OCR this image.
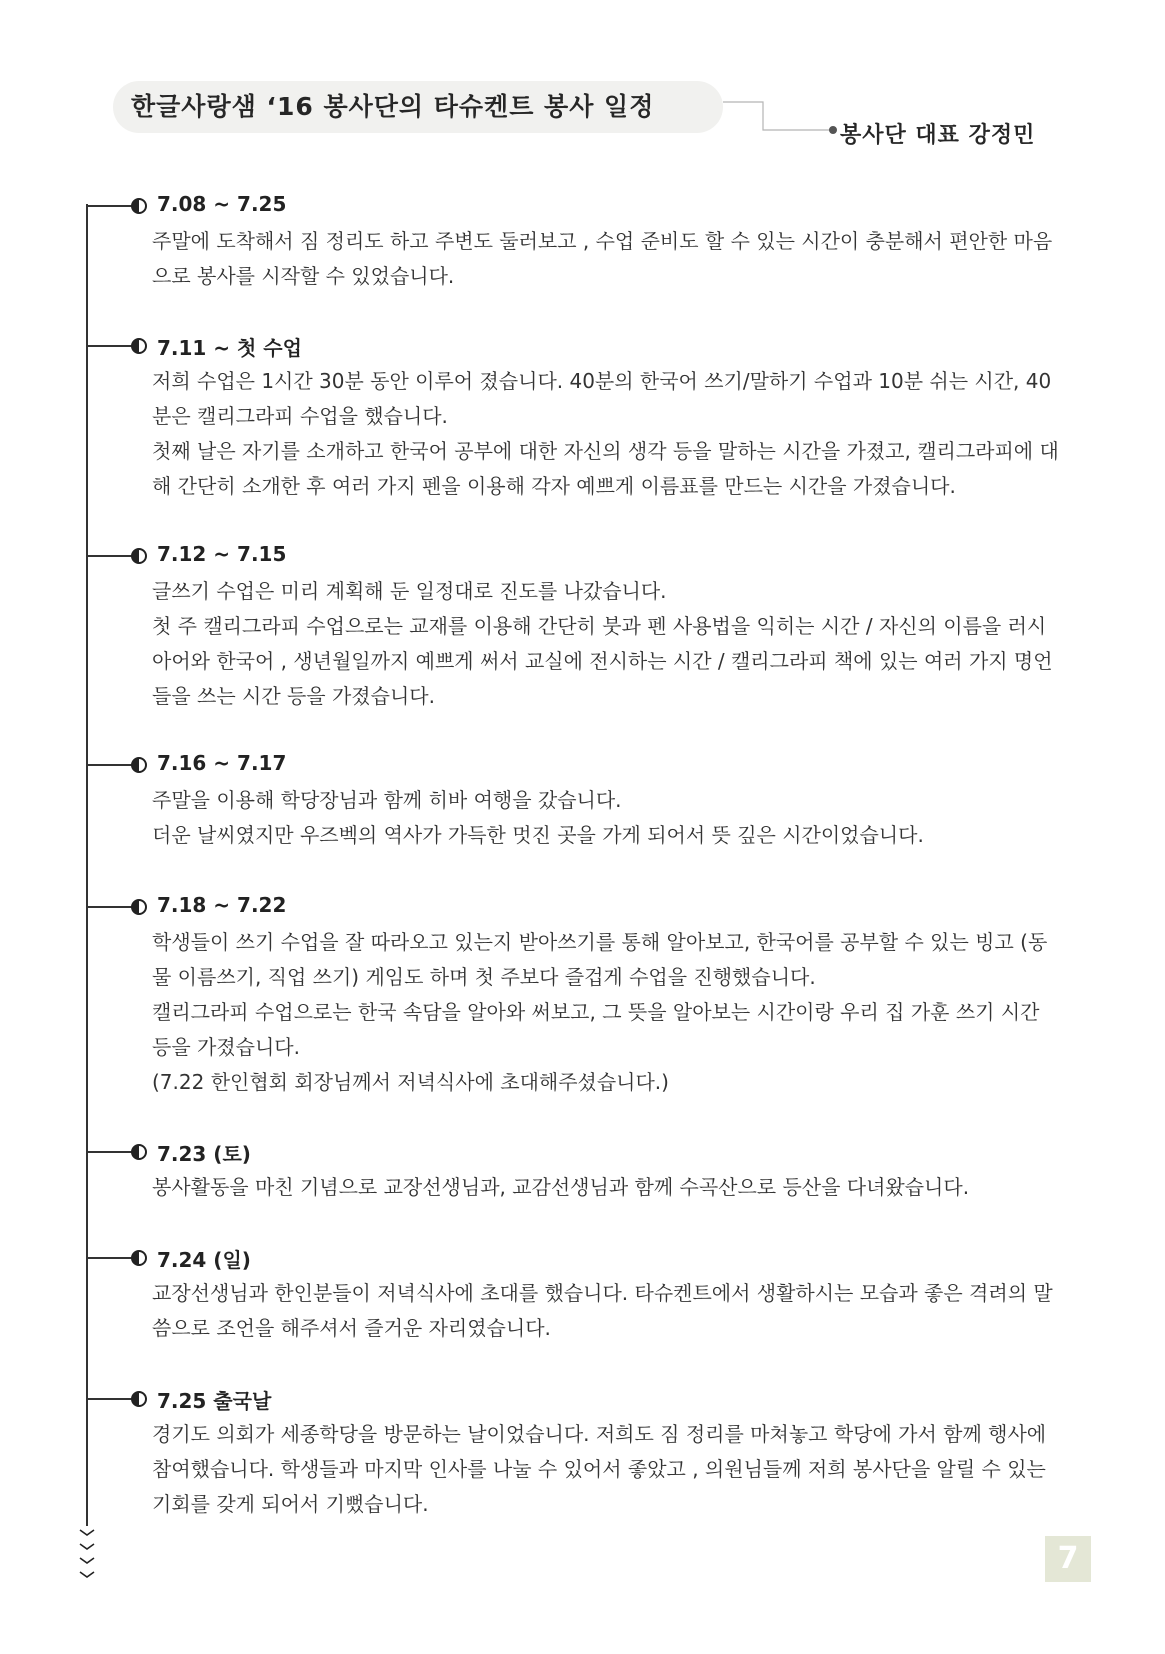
한글사랑샘 ‘16 봉사단의 타슈켄트 봉사 일정
봉사단 대표 강정민
7.08 ~ 7.25

주말에 도착해서 짐 정리도 하고 주변도 둘러보고 , 수업 준비도 할 수 있는 시간이 충분해서 편안한 마음으로 봉사를 시작할 수 있었습니다.

7.11 ~ 첫 수업

저희 수업은 1시간 30분 동안 이루어 졌습니다. 40분의 한국어 쓰기/말하기 수업과 10분 쉬는 시간, 40분은 캘리그라피 수업을 했습니다.

첫째 날은 자기를 소개하고 한국어 공부에 대한 자신의 생각 등을 말하는 시간을 가졌고, 캘리그라피에 대해 간단히 소개한 후 여러 가지 펜을 이용해 각자 예쁘게 이름표를 만드는 시간을 가졌습니다.

7.12 ~ 7.15

글쓰기 수업은 미리 계획해 둔 일정대로 진도를 나갔습니다.

첫 주 캘리그라피 수업으로는 교재를 이용해 간단히 붓과 펜 사용법을 익히는 시간 / 자신의 이름을 러시아어와 한국어 , 생년월일까지 예쁘게 써서 교실에 전시하는 시간 / 캘리그라피 책에 있는 여러 가지 명언들을 쓰는 시간 등을 가졌습니다.

7.16 ~ 7.17

주말을 이용해 학당장님과 함께 히바 여행을 갔습니다.

더운 날씨였지만 우즈벡의 역사가 가득한 멋진 곳을 가게 되어서 뜻 깊은 시간이었습니다.

7.18 ~ 7.22

학생들이 쓰기 수업을 잘 따라오고 있는지 받아쓰기를 통해 알아보고, 한국어를 공부할 수 있는 빙고 (동물 이름쓰기, 직업 쓰기) 게임도 하며 첫 주보다 즐겁게 수업을 진행했습니다.

캘리그라피 수업으로는 한국 속담을 알아와 써보고, 그 뜻을 알아보는 시간이랑 우리 집 가훈 쓰기 시간 등을 가졌습니다.

(7.22 한인협회 회장님께서 저녁식사에 초대해주셨습니다.)

7.23 (토)

봉사활동을 마친 기념으로 교장선생님과, 교감선생님과 함께 수곡산으로 등산을 다녀왔습니다.

7.24 (일)

교장선생님과 한인분들이 저녁식사에 초대를 했습니다. 타슈켄트에서 생활하시는 모습과 좋은 격려의 말씀으로 조언을 해주셔서 즐거운 자리였습니다.

7.25 출국날

경기도 의회가 세종학당을 방문하는 날이었습니다. 저희도 짐 정리를 마쳐놓고 학당에 가서 함께 행사에 참여했습니다. 학생들과 마지막 인사를 나눌 수 있어서 좋았고 , 의원님들께 저희 봉사단을 알릴 수 있는 기회를 갖게 되어서 기뻤습니다.

7
